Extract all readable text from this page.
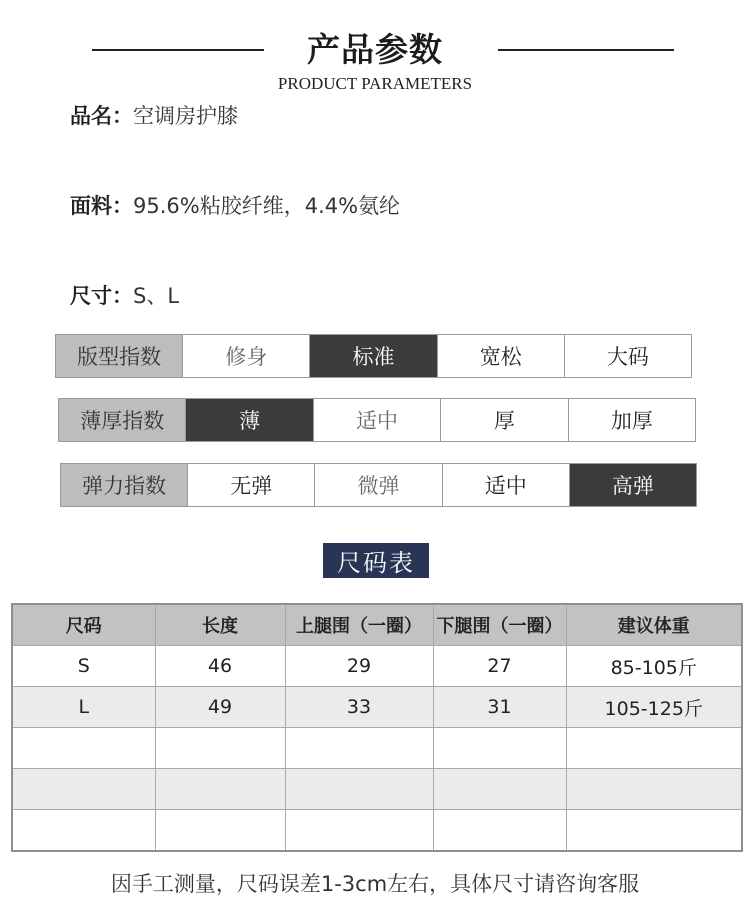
产品参数
PRODUCT PARAMETERS
品名：空调房护膝
面料：95.6%粘胶纤维，4.4%氨纶
尺寸：S、L
版型指数	修身	标准	宽松	大码
薄厚指数	薄	适中	厚	加厚
弹力指数	无弹	微弹	适中	高弹
尺码表
尺码	长度	上腿围（一圈）	下腿围（一圈）	建议体重
S	46	29	27	85-105斤
L	49	33	31	105-125斤

因手工测量，尺码误差1-3cm左右，具体尺寸请咨询客服
